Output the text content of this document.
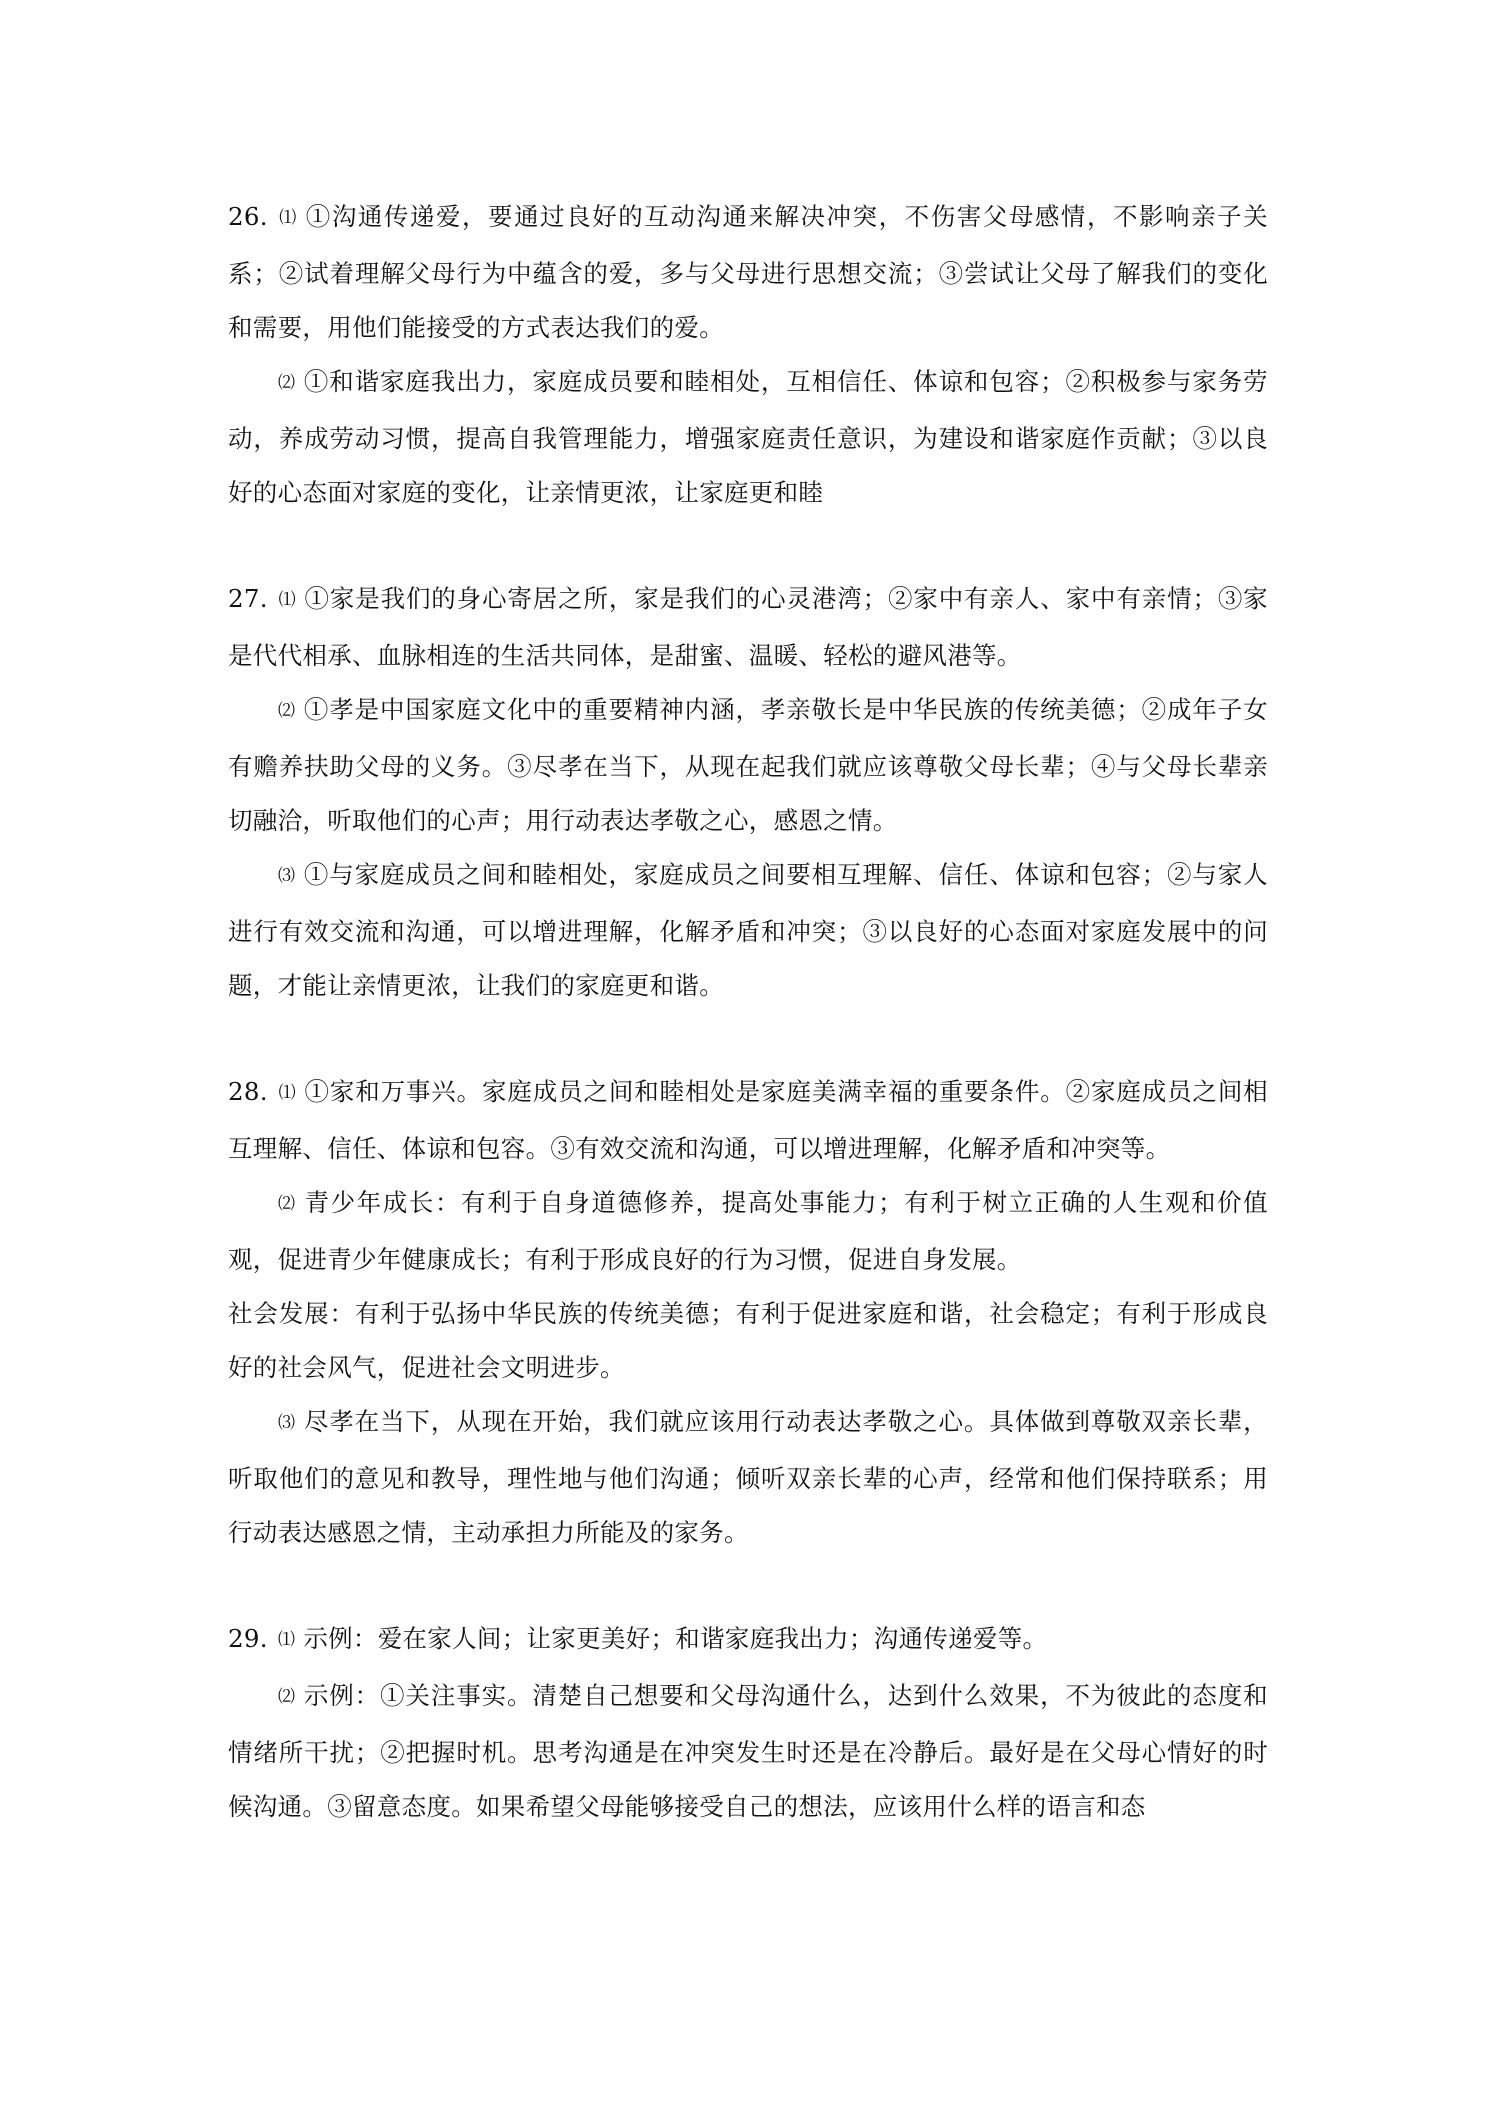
26. ⑴ ①沟通传递爱，要通过良好的互动沟通来解决冲突，不伤害父母感情，不影响亲子关系；②试着理解父母行为中蕴含的爱，多与父母进行思想交流；③尝试让父母了解我们的变化和需要，用他们能接受的方式表达我们的爱。

⑵ ①和谐家庭我出力，家庭成员要和睦相处，互相信任、体谅和包容；②积极参与家务劳动，养成劳动习惯，提高自我管理能力，增强家庭责任意识，为建设和谐家庭作贡献；③以良好的心态面对家庭的变化，让亲情更浓，让家庭更和睦

27. ⑴ ①家是我们的身心寄居之所，家是我们的心灵港湾；②家中有亲人、家中有亲情；③家是代代相承、血脉相连的生活共同体，是甜蜜、温暖、轻松的避风港等。

⑵ ①孝是中国家庭文化中的重要精神内涵，孝亲敬长是中华民族的传统美德；②成年子女有赡养扶助父母的义务。③尽孝在当下，从现在起我们就应该尊敬父母长辈；④与父母长辈亲切融洽，听取他们的心声；用行动表达孝敬之心，感恩之情。

⑶ ①与家庭成员之间和睦相处，家庭成员之间要相互理解、信任、体谅和包容；②与家人进行有效交流和沟通，可以增进理解，化解矛盾和冲突；③以良好的心态面对家庭发展中的问题，才能让亲情更浓，让我们的家庭更和谐。

28. ⑴ ①家和万事兴。家庭成员之间和睦相处是家庭美满幸福的重要条件。②家庭成员之间相互理解、信任、体谅和包容。③有效交流和沟通，可以增进理解，化解矛盾和冲突等。

⑵ 青少年成长：有利于自身道德修养，提高处事能力；有利于树立正确的人生观和价值观，促进青少年健康成长；有利于形成良好的行为习惯，促进自身发展。

社会发展：有利于弘扬中华民族的传统美德；有利于促进家庭和谐，社会稳定；有利于形成良好的社会风气，促进社会文明进步。

⑶ 尽孝在当下，从现在开始，我们就应该用行动表达孝敬之心。具体做到尊敬双亲长辈，听取他们的意见和教导，理性地与他们沟通；倾听双亲长辈的心声，经常和他们保持联系；用行动表达感恩之情，主动承担力所能及的家务。

29. ⑴ 示例：爱在家人间；让家更美好；和谐家庭我出力；沟通传递爱等。

⑵ 示例：①关注事实。清楚自己想要和父母沟通什么，达到什么效果，不为彼此的态度和情绪所干扰；②把握时机。思考沟通是在冲突发生时还是在冷静后。最好是在父母心情好的时候沟通。③留意态度。如果希望父母能够接受自己的想法，应该用什么样的语言和态
